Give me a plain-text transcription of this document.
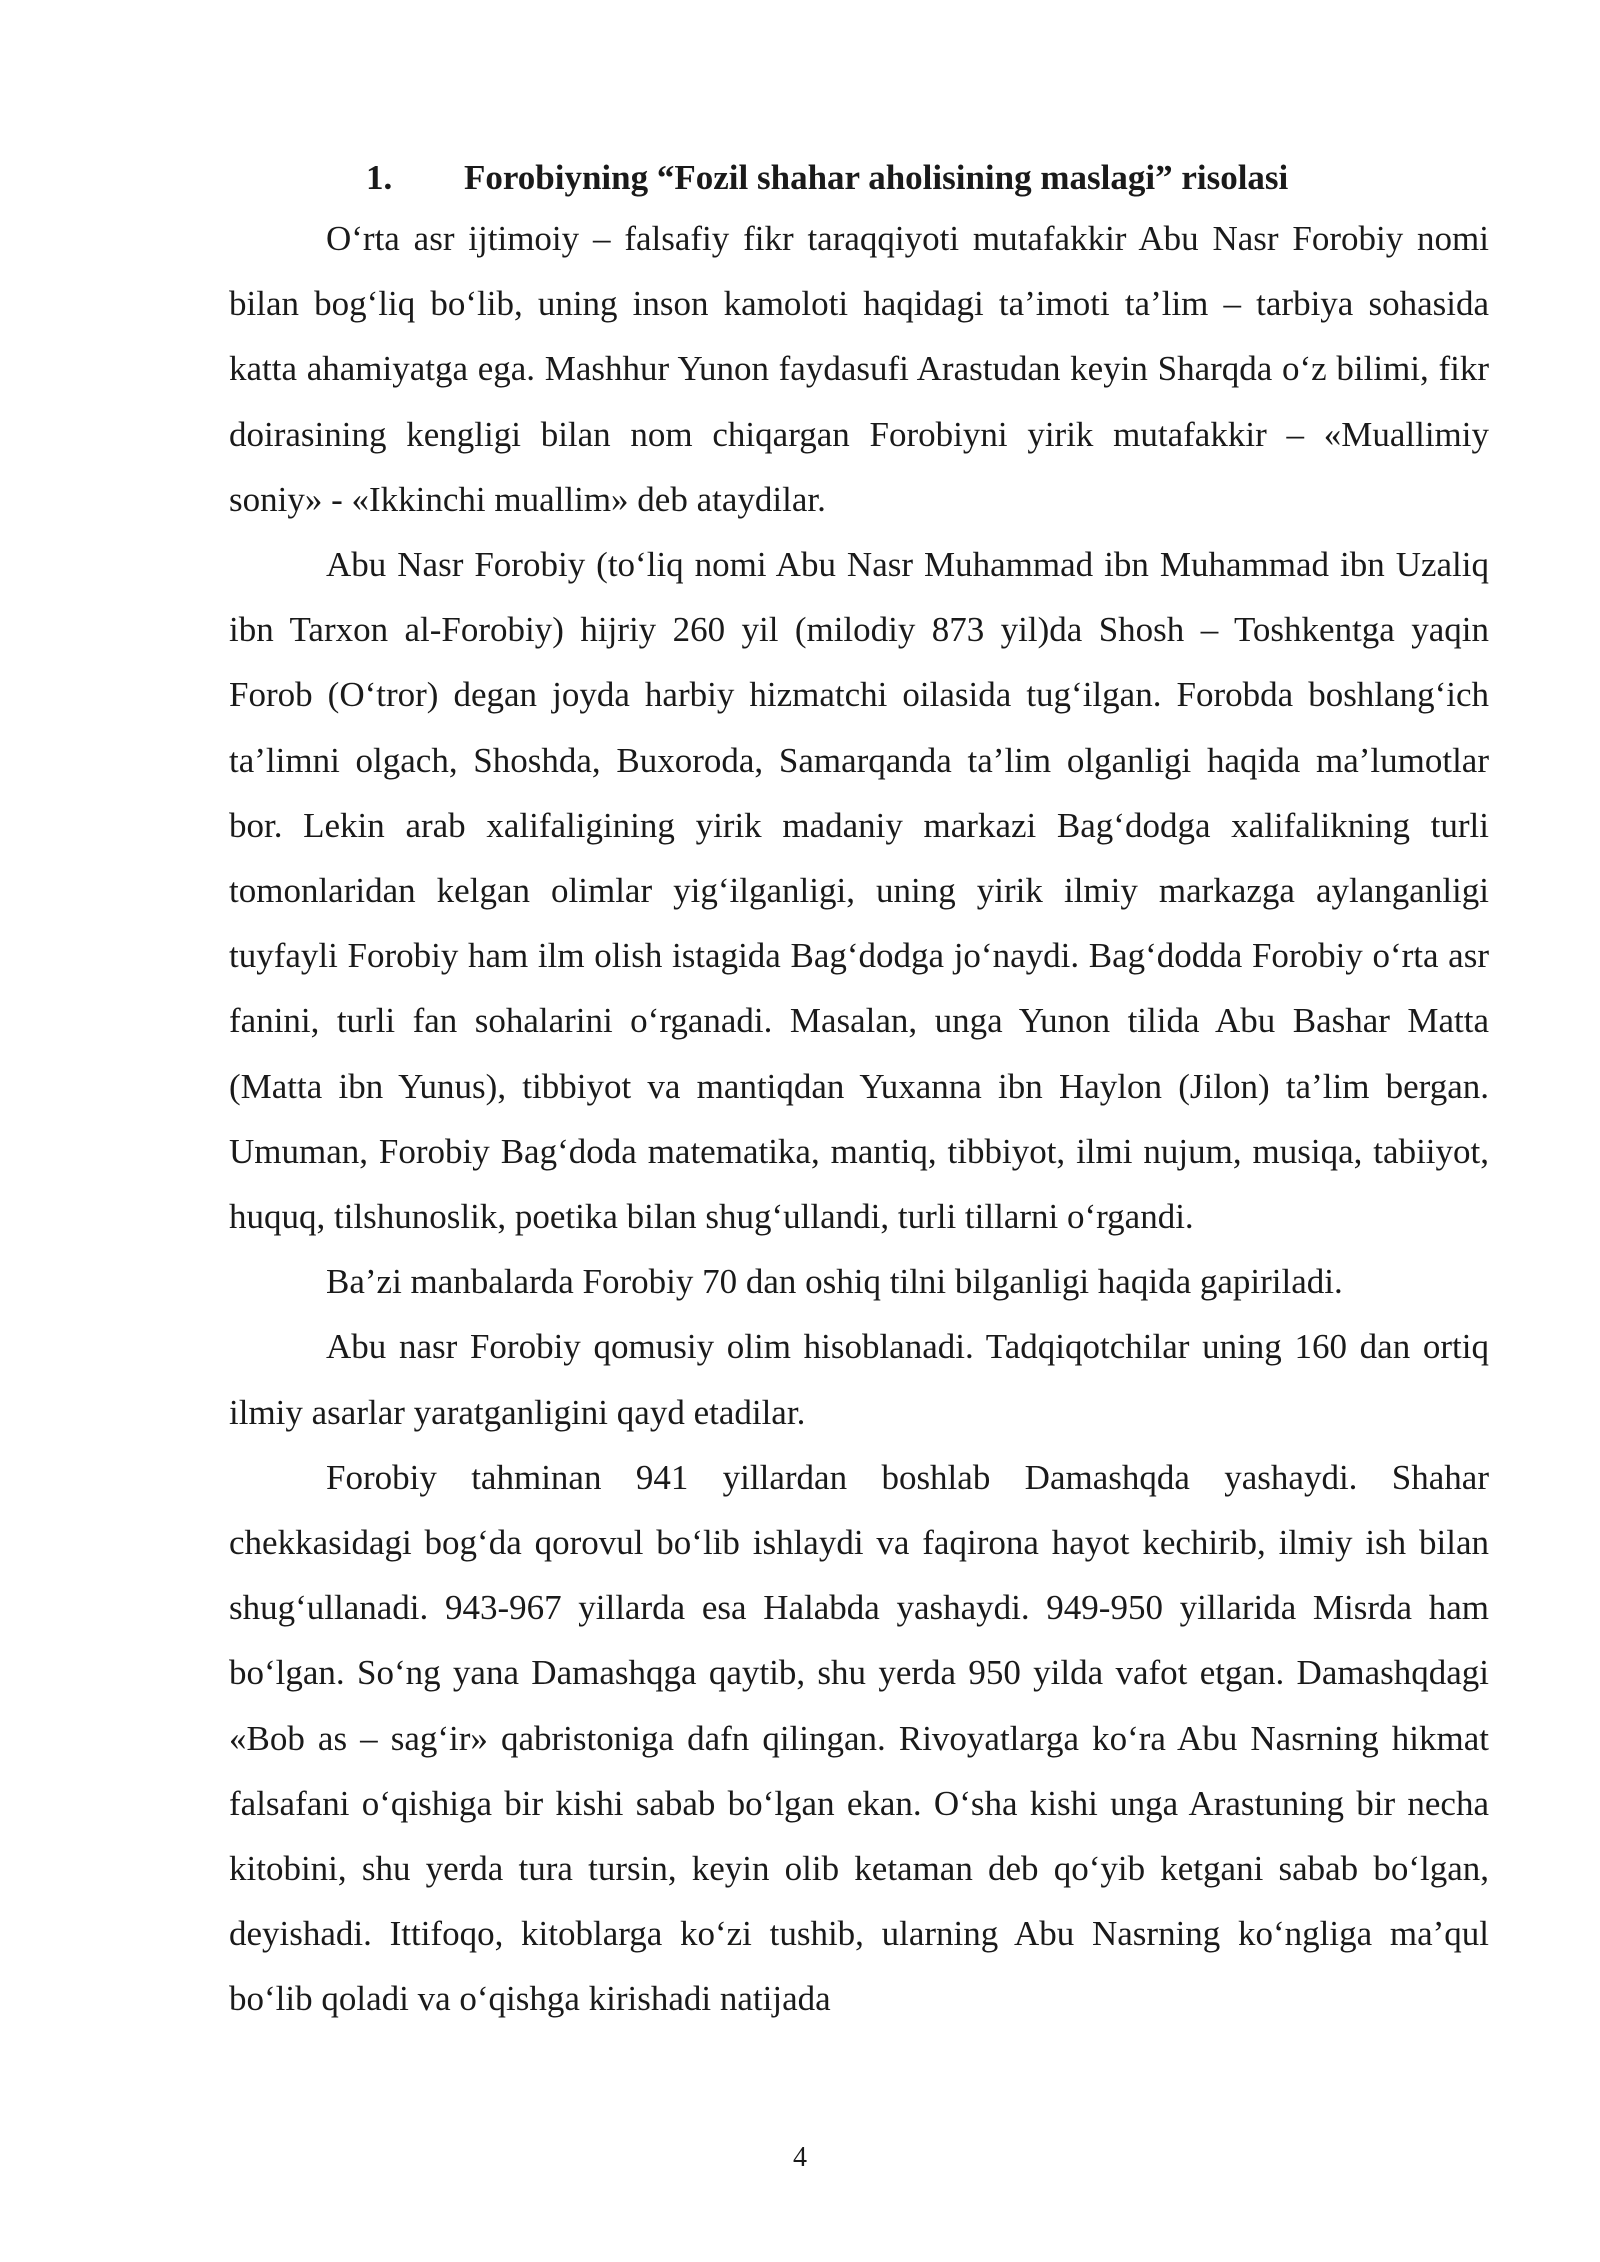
1. Forobiyning “Fozil shahar aholisining maslagi” risolasi

O‘rta asr ijtimoiy – falsafiy fikr taraqqiyoti mutafakkir Abu Nasr Forobiy nomi bilan bog‘liq bo‘lib, uning inson kamoloti haqidagi ta’imoti ta’lim – tarbiya sohasida katta ahamiyatga ega. Mashhur Yunon faydasufi Arastudan keyin Sharqda o‘z bilimi, fikr doirasining kengligi bilan nom chiqargan Forobiyni yirik mutafakkir – «Muallimiy soniy» - «Ikkinchi muallim» deb ataydilar.

Abu Nasr Forobiy (to‘liq nomi Abu Nasr Muhammad ibn Muhammad ibn Uzaliq ibn Tarxon al-Forobiy) hijriy 260 yil (milodiy 873 yil)da Shosh – Toshkentga yaqin Forob (O‘tror) degan joyda harbiy hizmatchi oilasida tug‘ilgan. Forobda boshlang‘ich ta’limni olgach, Shoshda, Buxoroda, Samarqanda ta’lim olganligi haqida ma’lumotlar bor. Lekin arab xalifaligining yirik madaniy markazi Bag‘dodga xalifalikning turli tomonlaridan kelgan olimlar yig‘ilganligi, uning yirik ilmiy markazga aylanganligi tuyfayli Forobiy ham ilm olish istagida Bag‘dodga jo‘naydi. Bag‘dodda Forobiy o‘rta asr fanini, turli fan sohalarini o‘rganadi. Masalan, unga Yunon tilida Abu Bashar Matta (Matta ibn Yunus), tibbiyot va mantiqdan Yuxanna ibn Haylon (Jilon) ta’lim bergan. Umuman, Forobiy Bag‘doda matematika, mantiq, tibbiyot, ilmi nujum, musiqa, tabiiyot, huquq, tilshunoslik, poetika bilan shug‘ullandi, turli tillarni o‘rgandi.

Ba’zi manbalarda Forobiy 70 dan oshiq tilni bilganligi haqida gapiriladi.

Abu nasr Forobiy qomusiy olim hisoblanadi. Tadqiqotchilar uning 160 dan ortiq ilmiy asarlar yaratganligini qayd etadilar.

Forobiy tahminan 941 yillardan boshlab Damashqda yashaydi. Shahar chekkasidagi bog‘da qorovul bo‘lib ishlaydi va faqirona hayot kechirib, ilmiy ish bilan shug‘ullanadi. 943-967 yillarda esa Halabda yashaydi. 949-950 yillarida Misrda ham bo‘lgan. So‘ng yana Damashqga qaytib, shu yerda 950 yilda vafot etgan. Damashqdagi «Bob as – sag‘ir» qabristoniga dafn qilingan. Rivoyatlarga ko‘ra Abu Nasrning hikmat falsafani o‘qishiga bir kishi sabab bo‘lgan ekan. O‘sha kishi unga Arastuning bir necha kitobini, shu yerda tura tursin, keyin olib ketaman deb qo‘yib ketgani sabab bo‘lgan, deyishadi. Ittifoqo, kitoblarga ko‘zi tushib, ularning Abu Nasrning ko‘ngliga ma’qul bo‘lib qoladi va o‘qishga kirishadi natijada

4
